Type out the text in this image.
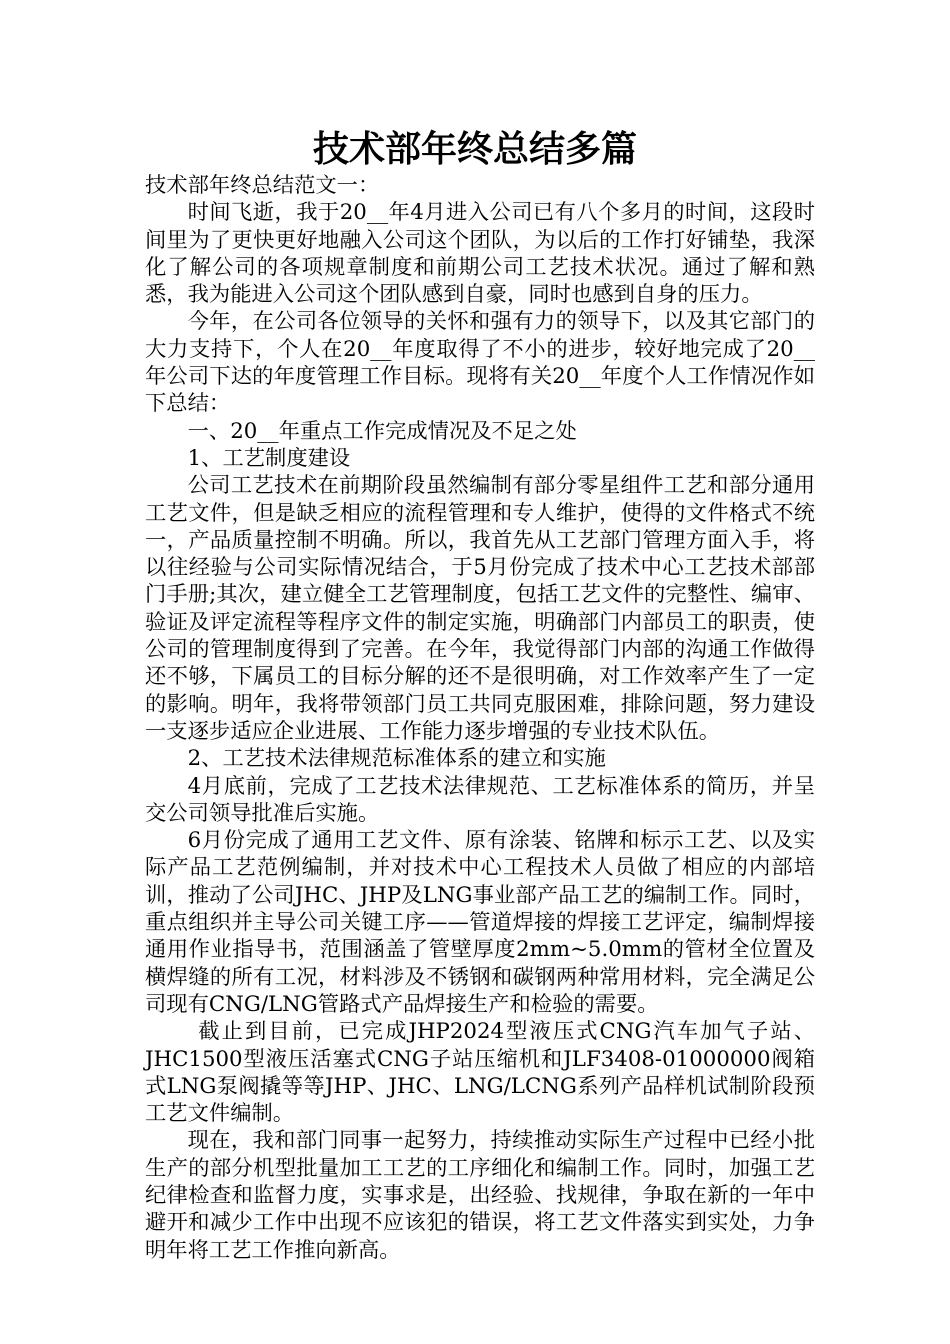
技术部年终总结多篇

技术部年终总结范文一：

时间飞逝，我于20__年4月进入公司已有八个多月的时间，这段时间里为了更快更好地融入公司这个团队，为以后的工作打好铺垫，我深化了解公司的各项规章制度和前期公司工艺技术状况。通过了解和熟悉，我为能进入公司这个团队感到自豪，同时也感到自身的压力。

今年，在公司各位领导的关怀和强有力的领导下，以及其它部门的大力支持下，个人在20__年度取得了不小的进步，较好地完成了20__年公司下达的年度管理工作目标。现将有关20__年度个人工作情况作如下总结：

一、20__年重点工作完成情况及不足之处

1、工艺制度建设

公司工艺技术在前期阶段虽然编制有部分零星组件工艺和部分通用工艺文件，但是缺乏相应的流程管理和专人维护，使得的文件格式不统一，产品质量控制不明确。所以，我首先从工艺部门管理方面入手，将以往经验与公司实际情况结合，于5月份完成了技术中心工艺技术部部门手册;其次，建立健全工艺管理制度，包括工艺文件的完整性、编审、验证及评定流程等程序文件的制定实施，明确部门内部员工的职责，使公司的管理制度得到了完善。在今年，我觉得部门内部的沟通工作做得还不够，下属员工的目标分解的还不是很明确，对工作效率产生了一定的影响。明年，我将带领部门员工共同克服困难，排除问题，努力建设一支逐步适应企业进展、工作能力逐步增强的专业技术队伍。

2、工艺技术法律规范标准体系的建立和实施

4月底前，完成了工艺技术法律规范、工艺标准体系的简历，并呈交公司领导批准后实施。

6月份完成了通用工艺文件、原有涂装、铭牌和标示工艺、以及实际产品工艺范例编制，并对技术中心工程技术人员做了相应的内部培训，推动了公司JHC、JHP及LNG事业部产品工艺的编制工作。同时，重点组织并主导公司关键工序——管道焊接的焊接工艺评定，编制焊接通用作业指导书，范围涵盖了管壁厚度2mm~5.0mm的管材全位置及横焊缝的所有工况，材料涉及不锈钢和碳钢两种常用材料，完全满足公司现有CNG/LNG管路式产品焊接生产和检验的需要。

截止到目前，已完成JHP2024型液压式CNG汽车加气子站、JHC1500型液压活塞式CNG子站压缩机和JLF3408-01000000阀箱式LNG泵阀撬等等JHP、JHC、LNG/LCNG系列产品样机试制阶段预工艺文件编制。

现在，我和部门同事一起努力，持续推动实际生产过程中已经小批生产的部分机型批量加工工艺的工序细化和编制工作。同时，加强工艺纪律检查和监督力度，实事求是，出经验、找规律，争取在新的一年中避开和减少工作中出现不应该犯的错误，将工艺文件落实到实处，力争明年将工艺工作推向新高。
